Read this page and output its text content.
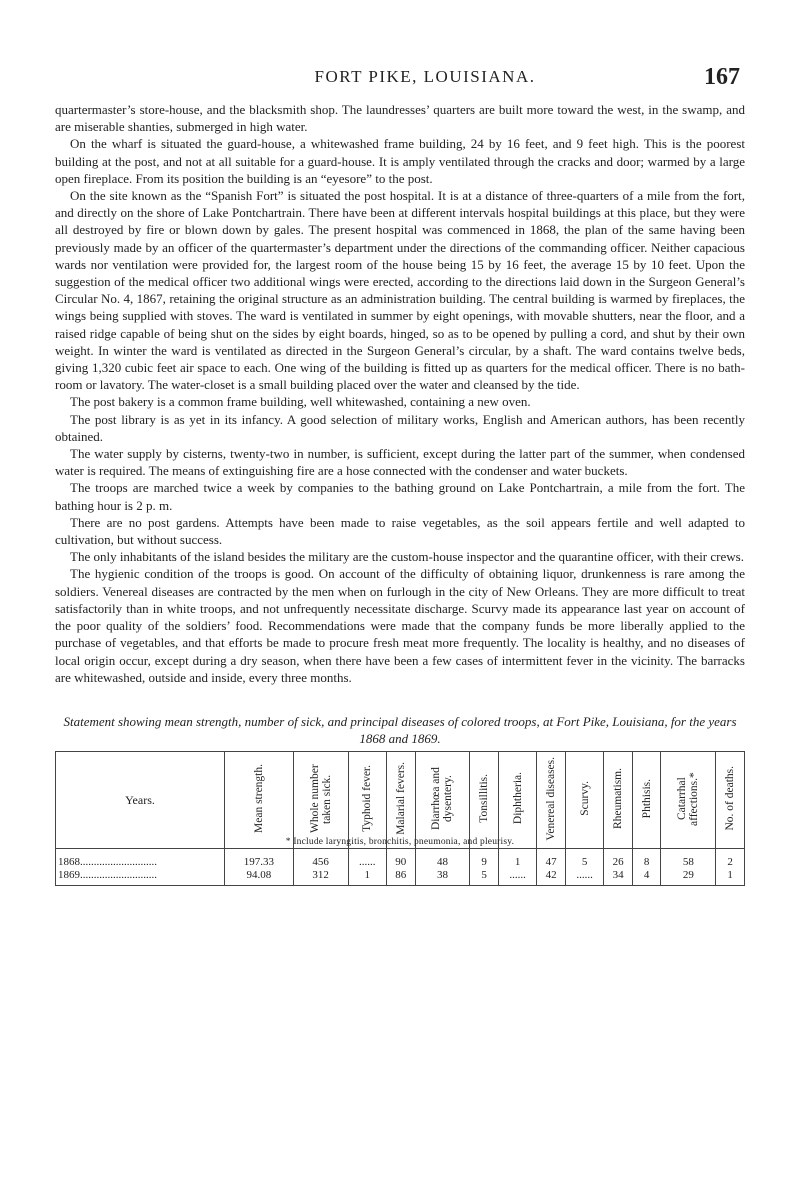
FORT PIKE, LOUISIANA.	167

quartermaster’s store-house, and the blacksmith shop. The laundresses’ quarters are built more toward the west, in the swamp, and are miserable shanties, submerged in high water.

On the wharf is situated the guard-house, a whitewashed frame building, 24 by 16 feet, and 9 feet high. This is the poorest building at the post, and not at all suitable for a guard-house. It is amply ventilated through the cracks and door; warmed by a large open fireplace. From its position the building is an “eyesore” to the post.

On the site known as the “Spanish Fort” is situated the post hospital. It is at a distance of three-quarters of a mile from the fort, and directly on the shore of Lake Pontchartrain. There have been at different intervals hospital buildings at this place, but they were all destroyed by fire or blown down by gales. The present hospital was commenced in 1868, the plan of the same having been previously made by an officer of the quartermaster’s department under the directions of the commanding officer. Neither capacious wards nor ventilation were provided for, the largest room of the house being 15 by 16 feet, the average 15 by 10 feet. Upon the suggestion of the medical officer two additional wings were erected, according to the directions laid down in the Surgeon General’s Circular No. 4, 1867, retaining the original structure as an administration building. The central building is warmed by fireplaces, the wings being supplied with stoves. The ward is ventilated in summer by eight openings, with movable shutters, near the floor, and a raised ridge capable of being shut on the sides by eight boards, hinged, so as to be opened by pulling a cord, and shut by their own weight. In winter the ward is ventilated as directed in the Surgeon General’s circular, by a shaft. The ward contains twelve beds, giving 1,320 cubic feet air space to each. One wing of the building is fitted up as quarters for the medical officer. There is no bath-room or lavatory. The water-closet is a small building placed over the water and cleansed by the tide.

The post bakery is a common frame building, well whitewashed, containing a new oven.

The post library is as yet in its infancy. A good selection of military works, English and American authors, has been recently obtained.

The water supply by cisterns, twenty-two in number, is sufficient, except during the latter part of the summer, when condensed water is required. The means of extinguishing fire are a hose connected with the condenser and water buckets.

The troops are marched twice a week by companies to the bathing ground on Lake Pontchartrain, a mile from the fort. The bathing hour is 2 p. m.

There are no post gardens. Attempts have been made to raise vegetables, as the soil appears fertile and well adapted to cultivation, but without success.

The only inhabitants of the island besides the military are the custom-house inspector and the quarantine officer, with their crews.

The hygienic condition of the troops is good. On account of the difficulty of obtaining liquor, drunkenness is rare among the soldiers. Venereal diseases are contracted by the men when on furlough in the city of New Orleans. They are more difficult to treat satisfactorily than in white troops, and not unfrequently necessitate discharge. Scurvy made its appearance last year on account of the poor quality of the soldiers’ food. Recommendations were made that the company funds be more liberally applied to the purchase of vegetables, and that efforts be made to procure fresh meat more frequently. The locality is healthy, and no diseases of local origin occur, except during a dry season, when there have been a few cases of intermittent fever in the vicinity. The barracks are whitewashed, outside and inside, every three months.

Statement showing mean strength, number of sick, and principal diseases of colored troops, at Fort Pike, Louisiana, for the years 1868 and 1869.
Years.	Mean strength.	Whole number taken sick.	Typhoid fever.	Malarial fevers.	Diarrhœa and dysentery.	Tonsillitis.	Diphtheria.	Venereal diseases.	Scurvy.	Rheumatism.	Phthisis.	Catarrhal affections.*	No. of deaths.
1868............................	197.33	456	......	90	48	9	1	47	5	26	8	58	2
1869............................	94.08	312	1	86	38	5	......	42	......	34	4	29	1
* Include laryngitis, bronchitis, pneumonia, and pleurisy.
